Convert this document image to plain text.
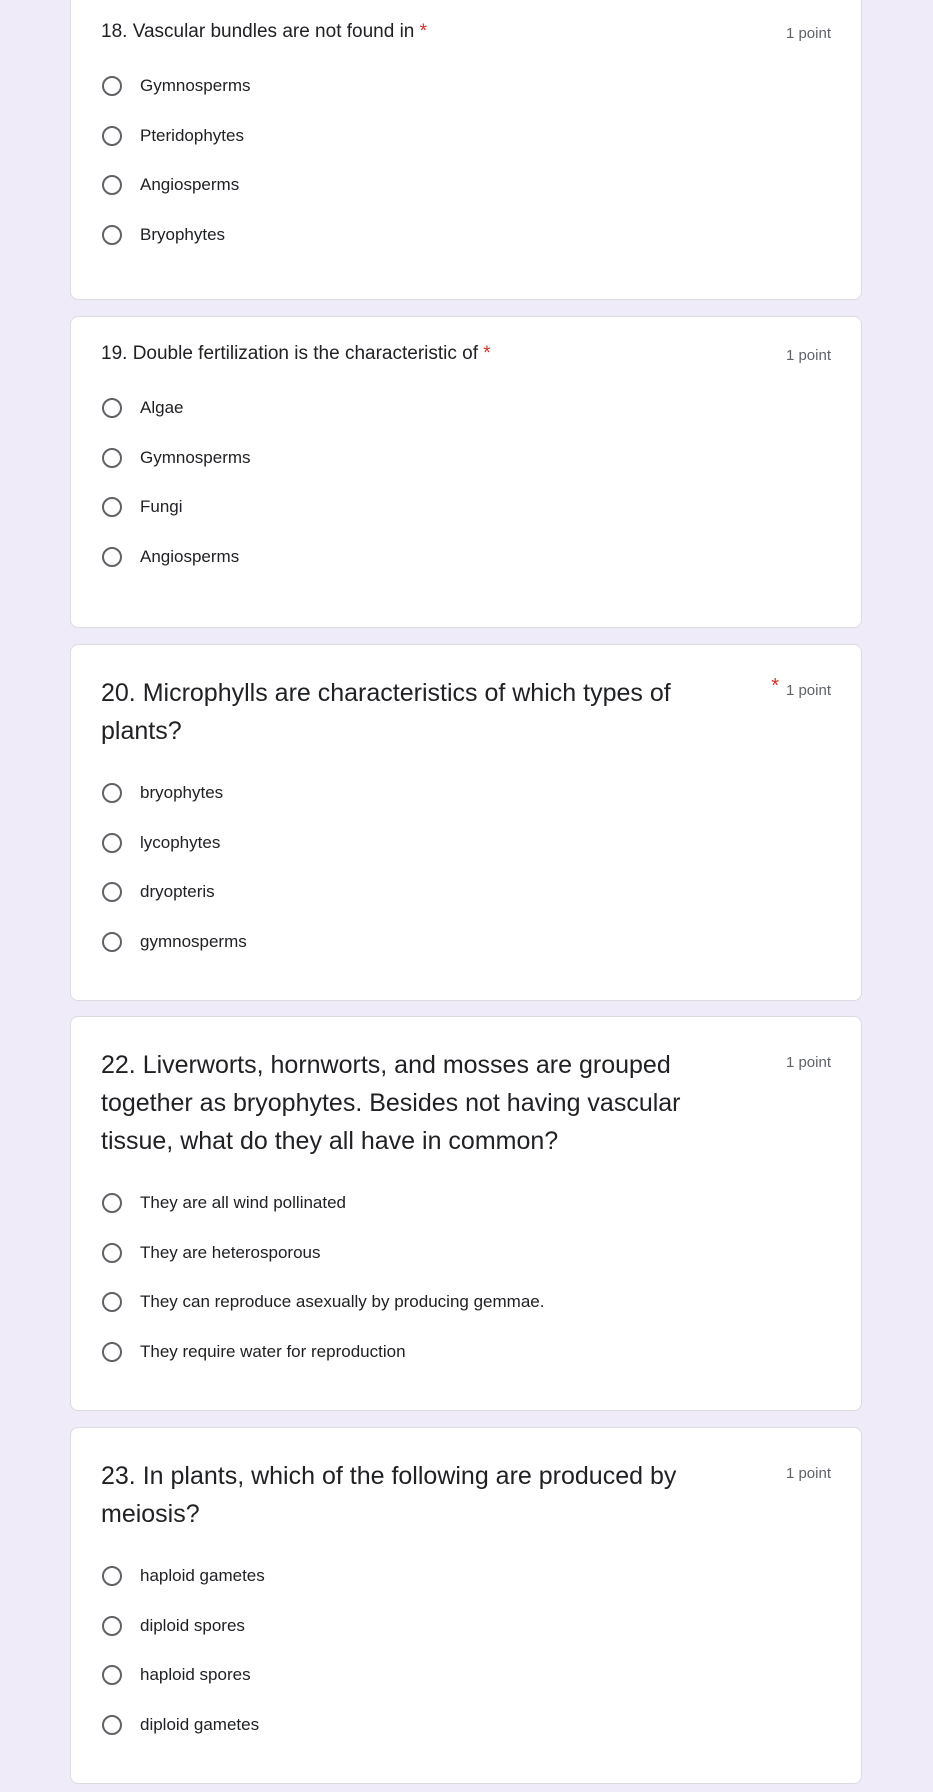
18. Vascular bundles are not found in *	1 point
Gymnosperms
Pteridophytes
Angiosperms
Bryophytes
19. Double fertilization is the characteristic of *	1 point
Algae
Gymnosperms
Fungi
Angiosperms
20. Microphylls are characteristics of which types of plants?
* 1 point
bryophytes
lycophytes
dryopteris
gymnosperms
22. Liverworts, hornworts, and mosses are grouped together as bryophytes. Besides not having vascular tissue, what do they all have in common?
1 point
They are all wind pollinated
They are heterosporous
They can reproduce asexually by producing gemmae.
They require water for reproduction
23. In plants, which of the following are produced by meiosis?
1 point
haploid gametes
diploid spores
haploid spores
diploid gametes
